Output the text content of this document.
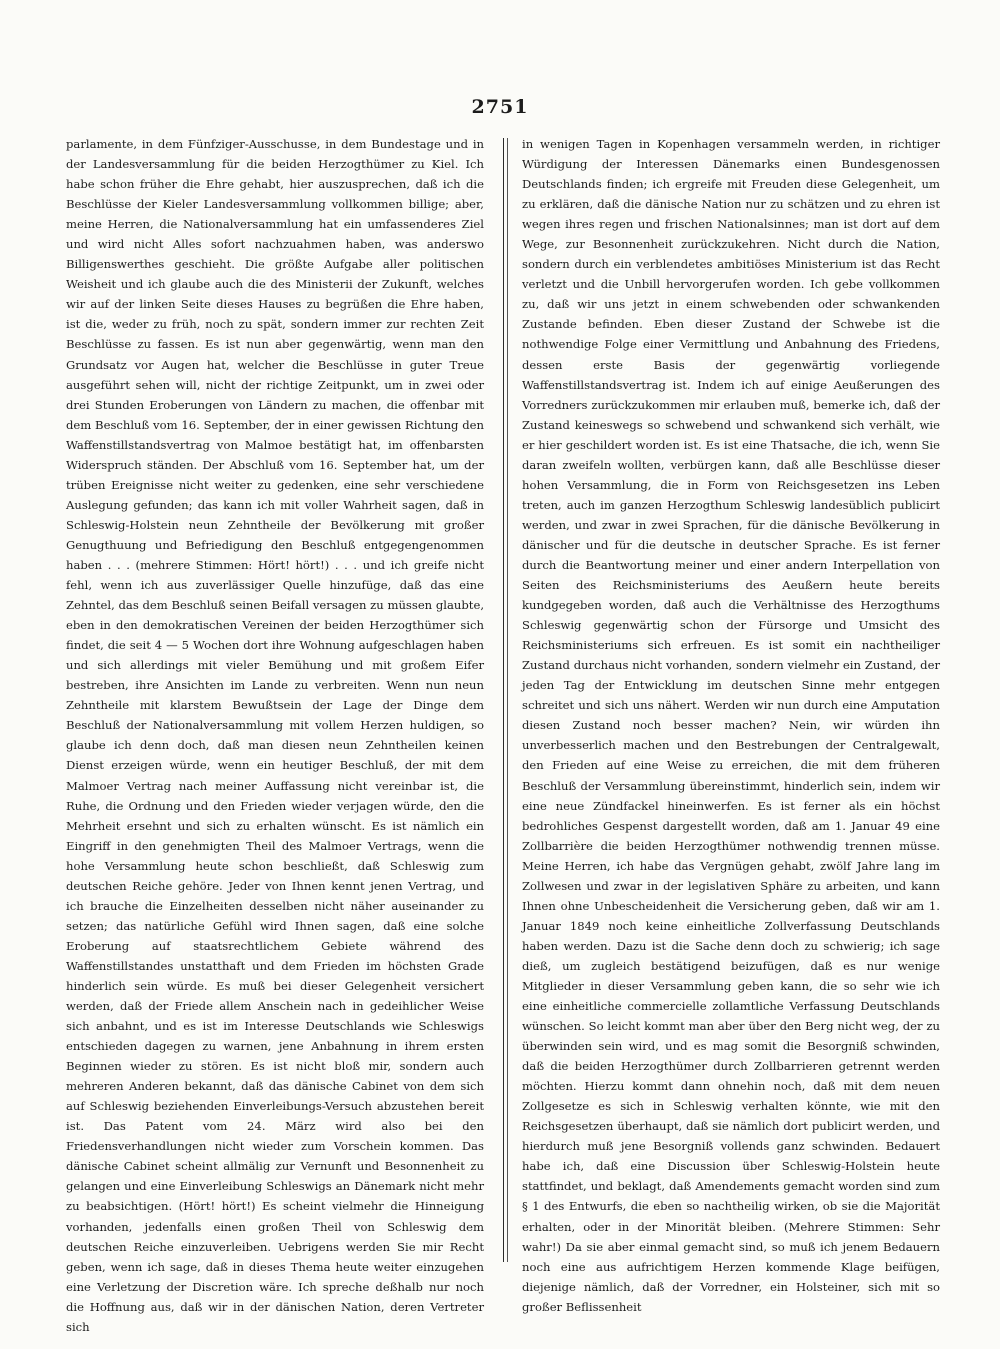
2751

parlamente, in dem Fünfziger-Ausschusse, in dem Bundestage und in der Landesversammlung für die beiden Herzogthümer zu Kiel. Ich habe schon früher die Ehre gehabt, hier auszusprechen, daß ich die Beschlüsse der Kieler Landesversammlung vollkommen billige; aber, meine Herren, die Nationalversammlung hat ein umfassenderes Ziel und wird nicht Alles sofort nachzuahmen haben, was anderswo Billigenswerthes geschieht. Die größte Aufgabe aller politischen Weisheit und ich glaube auch die des Ministerii der Zukunft, welches wir auf der linken Seite dieses Hauses zu begrüßen die Ehre haben, ist die, weder zu früh, noch zu spät, sondern immer zur rechten Zeit Beschlüsse zu fassen. Es ist nun aber gegenwärtig, wenn man den Grundsatz vor Augen hat, welcher die Beschlüsse in guter Treue ausgeführt sehen will, nicht der richtige Zeitpunkt, um in zwei oder drei Stunden Eroberungen von Ländern zu machen, die offenbar mit dem Beschluß vom 16. September, der in einer gewissen Richtung den Waffenstillstandsvertrag von Malmoe bestätigt hat, im offenbarsten Widerspruch ständen. Der Abschluß vom 16. September hat, um der trüben Ereignisse nicht weiter zu gedenken, eine sehr verschiedene Auslegung gefunden; das kann ich mit voller Wahrheit sagen, daß in Schleswig-Holstein neun Zehntheile der Bevölkerung mit großer Genugthuung und Befriedigung den Beschluß entgegengenommen haben . . . (mehrere Stimmen: Hört! hört!) . . . und ich greife nicht fehl, wenn ich aus zuverlässiger Quelle hinzufüge, daß das eine Zehntel, das dem Beschluß seinen Beifall versagen zu müssen glaubte, eben in den demokratischen Vereinen der beiden Herzogthümer sich findet, die seit 4 — 5 Wochen dort ihre Wohnung aufgeschlagen haben und sich allerdings mit vieler Bemühung und mit großem Eifer bestreben, ihre Ansichten im Lande zu verbreiten. Wenn nun neun Zehntheile mit klarstem Bewußtsein der Lage der Dinge dem Beschluß der Nationalversammlung mit vollem Herzen huldigen, so glaube ich denn doch, daß man diesen neun Zehntheilen keinen Dienst erzeigen würde, wenn ein heutiger Beschluß, der mit dem Malmoer Vertrag nach meiner Auffassung nicht vereinbar ist, die Ruhe, die Ordnung und den Frieden wieder verjagen würde, den die Mehrheit ersehnt und sich zu erhalten wünscht. Es ist nämlich ein Eingriff in den genehmigten Theil des Malmoer Vertrags, wenn die hohe Versammlung heute schon beschließt, daß Schleswig zum deutschen Reiche gehöre. Jeder von Ihnen kennt jenen Vertrag, und ich brauche die Einzelheiten desselben nicht näher auseinander zu setzen; das natürliche Gefühl wird Ihnen sagen, daß eine solche Eroberung auf staatsrechtlichem Gebiete während des Waffenstillstandes unstatthaft und dem Frieden im höchsten Grade hinderlich sein würde. Es muß bei dieser Gelegenheit versichert werden, daß der Friede allem Anschein nach in gedeihlicher Weise sich anbahnt, und es ist im Interesse Deutschlands wie Schleswigs entschieden dagegen zu warnen, jene Anbahnung in ihrem ersten Beginnen wieder zu stören. Es ist nicht bloß mir, sondern auch mehreren Anderen bekannt, daß das dänische Cabinet von dem sich auf Schleswig beziehenden Einverleibungs-Versuch abzustehen bereit ist. Das Patent vom 24. März wird also bei den Friedensverhandlungen nicht wieder zum Vorschein kommen. Das dänische Cabinet scheint allmälig zur Vernunft und Besonnenheit zu gelangen und eine Einverleibung Schleswigs an Dänemark nicht mehr zu beabsichtigen. (Hört! hört!) Es scheint vielmehr die Hinneigung vorhanden, jedenfalls einen großen Theil von Schleswig dem deutschen Reiche einzuverleiben. Uebrigens werden Sie mir Recht geben, wenn ich sage, daß in dieses Thema heute weiter einzugehen eine Verletzung der Discretion wäre. Ich spreche deßhalb nur noch die Hoffnung aus, daß wir in der dänischen Nation, deren Vertreter sich

in wenigen Tagen in Kopenhagen versammeln werden, in richtiger Würdigung der Interessen Dänemarks einen Bundesgenossen Deutschlands finden; ich ergreife mit Freuden diese Gelegenheit, um zu erklären, daß die dänische Nation nur zu schätzen und zu ehren ist wegen ihres regen und frischen Nationalsinnes; man ist dort auf dem Wege, zur Besonnenheit zurückzukehren. Nicht durch die Nation, sondern durch ein verblendetes ambitiöses Ministerium ist das Recht verletzt und die Unbill hervorgerufen worden. Ich gebe vollkommen zu, daß wir uns jetzt in einem schwebenden oder schwankenden Zustande befinden. Eben dieser Zustand der Schwebe ist die nothwendige Folge einer Vermittlung und Anbahnung des Friedens, dessen erste Basis der gegenwärtig vorliegende Waffenstillstandsvertrag ist. Indem ich auf einige Aeußerungen des Vorredners zurückzukommen mir erlauben muß, bemerke ich, daß der Zustand keineswegs so schwebend und schwankend sich verhält, wie er hier geschildert worden ist. Es ist eine Thatsache, die ich, wenn Sie daran zweifeln wollten, verbürgen kann, daß alle Beschlüsse dieser hohen Versammlung, die in Form von Reichsgesetzen ins Leben treten, auch im ganzen Herzogthum Schleswig landesüblich publicirt werden, und zwar in zwei Sprachen, für die dänische Bevölkerung in dänischer und für die deutsche in deutscher Sprache. Es ist ferner durch die Beantwortung meiner und einer andern Interpellation von Seiten des Reichsministeriums des Aeußern heute bereits kundgegeben worden, daß auch die Verhältnisse des Herzogthums Schleswig gegenwärtig schon der Fürsorge und Umsicht des Reichsministeriums sich erfreuen. Es ist somit ein nachtheiliger Zustand durchaus nicht vorhanden, sondern vielmehr ein Zustand, der jeden Tag der Entwicklung im deutschen Sinne mehr entgegen schreitet und sich uns nähert. Werden wir nun durch eine Amputation diesen Zustand noch besser machen? Nein, wir würden ihn unverbesserlich machen und den Bestrebungen der Centralgewalt, den Frieden auf eine Weise zu erreichen, die mit dem früheren Beschluß der Versammlung übereinstimmt, hinderlich sein, indem wir eine neue Zündfackel hineinwerfen. Es ist ferner als ein höchst bedrohliches Gespenst dargestellt worden, daß am 1. Januar 49 eine Zollbarrière die beiden Herzogthümer nothwendig trennen müsse. Meine Herren, ich habe das Vergnügen gehabt, zwölf Jahre lang im Zollwesen und zwar in der legislativen Sphäre zu arbeiten, und kann Ihnen ohne Unbescheidenheit die Versicherung geben, daß wir am 1. Januar 1849 noch keine einheitliche Zollverfassung Deutschlands haben werden. Dazu ist die Sache denn doch zu schwierig; ich sage dieß, um zugleich bestätigend beizufügen, daß es nur wenige Mitglieder in dieser Versammlung geben kann, die so sehr wie ich eine einheitliche commercielle zollamtliche Verfassung Deutschlands wünschen. So leicht kommt man aber über den Berg nicht weg, der zu überwinden sein wird, und es mag somit die Besorgniß schwinden, daß die beiden Herzogthümer durch Zollbarrieren getrennt werden möchten. Hierzu kommt dann ohnehin noch, daß mit dem neuen Zollgesetze es sich in Schleswig verhalten könnte, wie mit den Reichsgesetzen überhaupt, daß sie nämlich dort publicirt werden, und hierdurch muß jene Besorgniß vollends ganz schwinden. Bedauert habe ich, daß eine Discussion über Schleswig-Holstein heute stattfindet, und beklagt, daß Amendements gemacht worden sind zum § 1 des Entwurfs, die eben so nachtheilig wirken, ob sie die Majorität erhalten, oder in der Minorität bleiben. (Mehrere Stimmen: Sehr wahr!) Da sie aber einmal gemacht sind, so muß ich jenem Bedauern noch eine aus aufrichtigem Herzen kommende Klage beifügen, diejenige nämlich, daß der Vorredner, ein Holsteiner, sich mit so großer Beflissenheit
